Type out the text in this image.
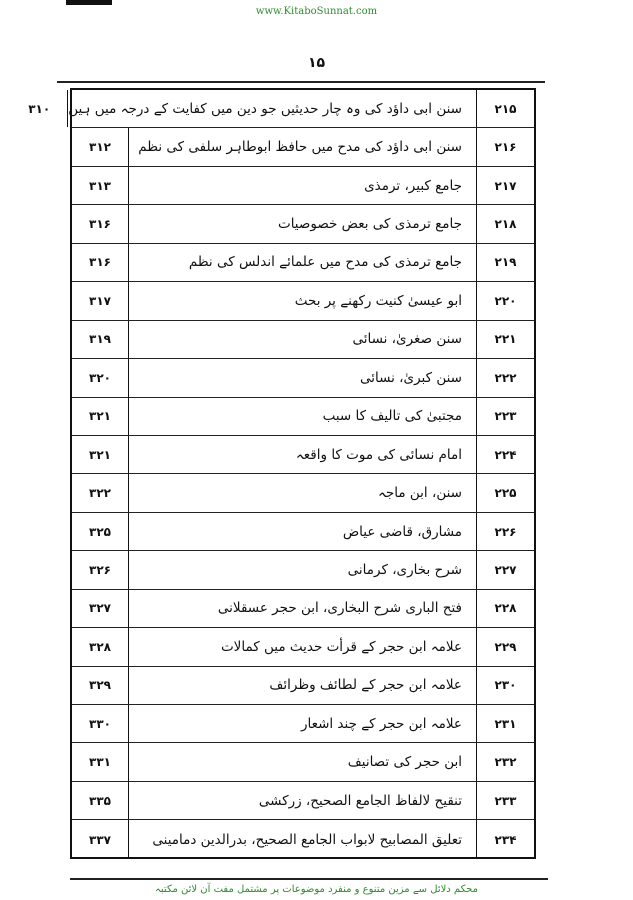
www.KitaboSunnat.com
۱۵
۲۱۵
سنن ابی داؤد کی وہ چار حدیثیں جو دین میں کفایت کے درجہ میں ہیں
۳۱۰
۲۱۶
سنن ابی داؤد کی مدح میں حافظ ابوطاہر سلفی کی نظم
۳۱۲
۲۱۷
جامع کبیر، ترمذی
۳۱۳
۲۱۸
جامع ترمذی کی بعض خصوصیات
۳۱۶
۲۱۹
جامع ترمذی کی مدح میں علمائے اندلس کی نظم
۳۱۶
۲۲۰
ابو عیسیٰ کنیت رکھنے پر بحث
۳۱۷
۲۲۱
سنن صغریٰ، نسائی
۳۱۹
۲۲۲
سنن کبریٰ، نسائی
۳۲۰
۲۲۳
مجتبیٰ کی تالیف کا سبب
۳۲۱
۲۲۴
امام نسائی کی موت کا واقعہ
۳۲۱
۲۲۵
سنن، ابن ماجہ
۳۲۲
۲۲۶
مشارق، قاضی عیاض
۳۲۵
۲۲۷
شرح بخاری، کرمانی
۳۲۶
۲۲۸
فتح الباری شرح البخاری، ابن حجر عسقلانی
۳۲۷
۲۲۹
علامہ ابن حجر کے قرأت حدیث میں کمالات
۳۲۸
۲۳۰
علامہ ابن حجر کے لطائف وظرائف
۳۲۹
۲۳۱
علامہ ابن حجر کے چند اشعار
۳۳۰
۲۳۲
ابن حجر کی تصانیف
۳۳۱
۲۳۳
تنقیح لالفاظ الجامع الصحیح، زرکشی
۳۳۵
۲۳۴
تعلیق المصابیح لابواب الجامع الصحیح، بدرالدین دمامینی
۳۳۷
محکم دلائل سے مزین متنوع و منفرد موضوعات پر مشتمل مفت آن لائن مکتبہ
